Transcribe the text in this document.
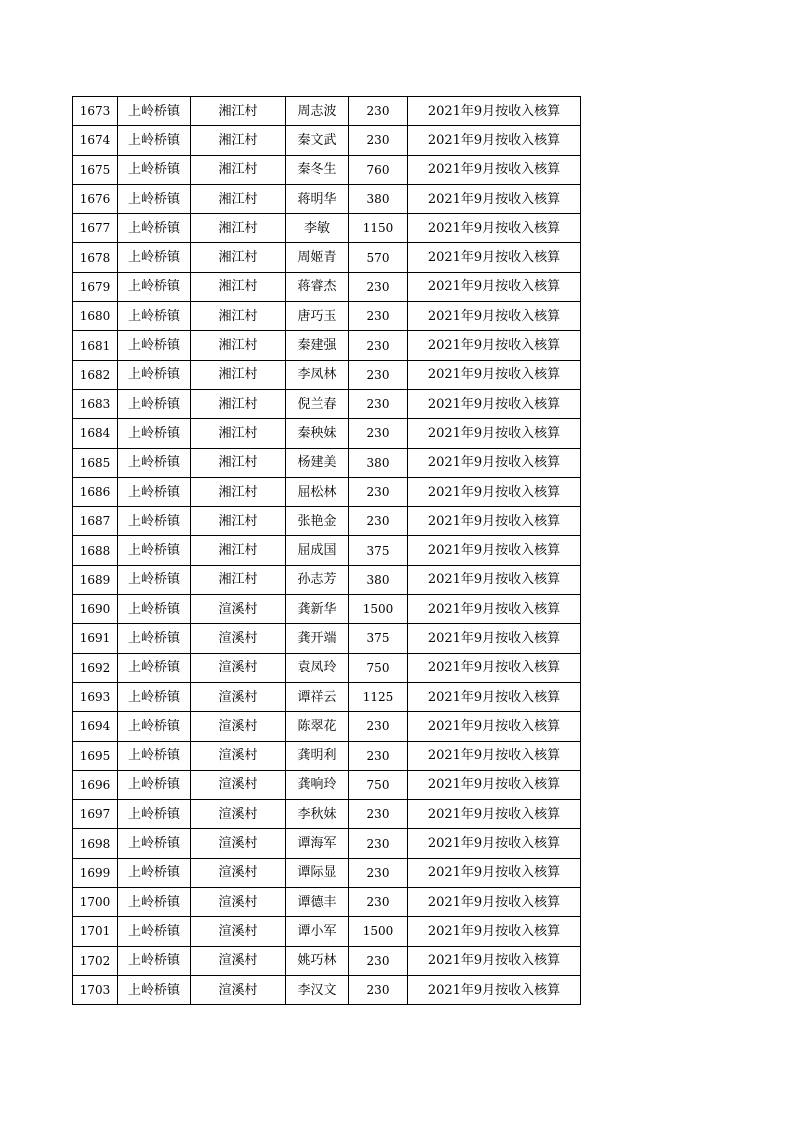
1673	上岭桥镇	湘江村	周志波	230	2021年9月按收入核算
1674	上岭桥镇	湘江村	秦文武	230	2021年9月按收入核算
1675	上岭桥镇	湘江村	秦冬生	760	2021年9月按收入核算
1676	上岭桥镇	湘江村	蒋明华	380	2021年9月按收入核算
1677	上岭桥镇	湘江村	李敏	1150	2021年9月按收入核算
1678	上岭桥镇	湘江村	周姬青	570	2021年9月按收入核算
1679	上岭桥镇	湘江村	蒋睿杰	230	2021年9月按收入核算
1680	上岭桥镇	湘江村	唐巧玉	230	2021年9月按收入核算
1681	上岭桥镇	湘江村	秦建强	230	2021年9月按收入核算
1682	上岭桥镇	湘江村	李凤林	230	2021年9月按收入核算
1683	上岭桥镇	湘江村	倪兰春	230	2021年9月按收入核算
1684	上岭桥镇	湘江村	秦秧妹	230	2021年9月按收入核算
1685	上岭桥镇	湘江村	杨建美	380	2021年9月按收入核算
1686	上岭桥镇	湘江村	屈松林	230	2021年9月按收入核算
1687	上岭桥镇	湘江村	张艳金	230	2021年9月按收入核算
1688	上岭桥镇	湘江村	屈成国	375	2021年9月按收入核算
1689	上岭桥镇	湘江村	孙志芳	380	2021年9月按收入核算
1690	上岭桥镇	渲溪村	龚新华	1500	2021年9月按收入核算
1691	上岭桥镇	渲溪村	龚开端	375	2021年9月按收入核算
1692	上岭桥镇	渲溪村	袁凤玲	750	2021年9月按收入核算
1693	上岭桥镇	渲溪村	谭祥云	1125	2021年9月按收入核算
1694	上岭桥镇	渲溪村	陈翠花	230	2021年9月按收入核算
1695	上岭桥镇	渲溪村	龚明利	230	2021年9月按收入核算
1696	上岭桥镇	渲溪村	龚响玲	750	2021年9月按收入核算
1697	上岭桥镇	渲溪村	李秋妹	230	2021年9月按收入核算
1698	上岭桥镇	渲溪村	谭海军	230	2021年9月按收入核算
1699	上岭桥镇	渲溪村	谭际显	230	2021年9月按收入核算
1700	上岭桥镇	渲溪村	谭德丰	230	2021年9月按收入核算
1701	上岭桥镇	渲溪村	谭小军	1500	2021年9月按收入核算
1702	上岭桥镇	渲溪村	姚巧林	230	2021年9月按收入核算
1703	上岭桥镇	渲溪村	李汉文	230	2021年9月按收入核算
